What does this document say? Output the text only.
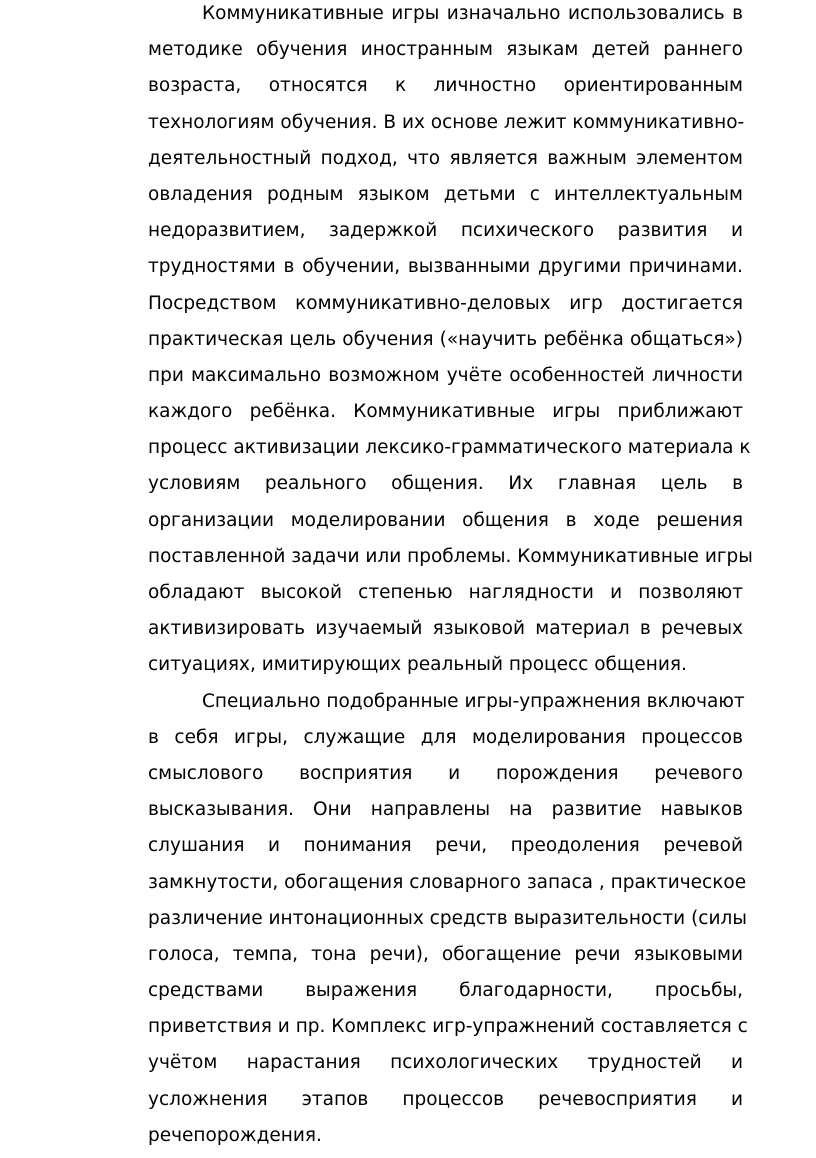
Коммуникативные игры изначально использовались в
методике обучения иностранным языкам детей раннего
возраста, относятся к личностно ориентированным
технологиям обучения. В их основе лежит коммуникативно-
деятельностный подход, что является важным элементом
овладения родным языком детьми с интеллектуальным
недоразвитием, задержкой психического развития и
трудностями в обучении, вызванными другими причинами.
Посредством коммуникативно-деловых игр достигается
практическая цель обучения («научить ребёнка общаться»)
при максимально возможном учёте особенностей личности
каждого ребёнка. Коммуникативные игры приближают
процесс активизации лексико-грамматического материала к
условиям реального общения. Их главная цель в
организации моделировании общения в ходе решения
поставленной задачи или проблемы. Коммуникативные игры
обладают высокой степенью наглядности и позволяют
активизировать изучаемый языковой материал в речевых
ситуациях, имитирующих реальный процесс общения.
Специально подобранные игры-упражнения включают
в себя игры, служащие для моделирования процессов
смыслового восприятия и порождения речевого
высказывания. Они направлены на развитие навыков
слушания и понимания речи, преодоления речевой
замкнутости, обогащения словарного запаса , практическое
различение интонационных средств выразительности (силы
голоса, темпа, тона речи), обогащение речи языковыми
средствами выражения благодарности, просьбы,
приветствия и пр. Комплекс игр-упражнений составляется с
учётом нарастания психологических трудностей и
усложнения этапов процессов речевосприятия и
речепорождения.
